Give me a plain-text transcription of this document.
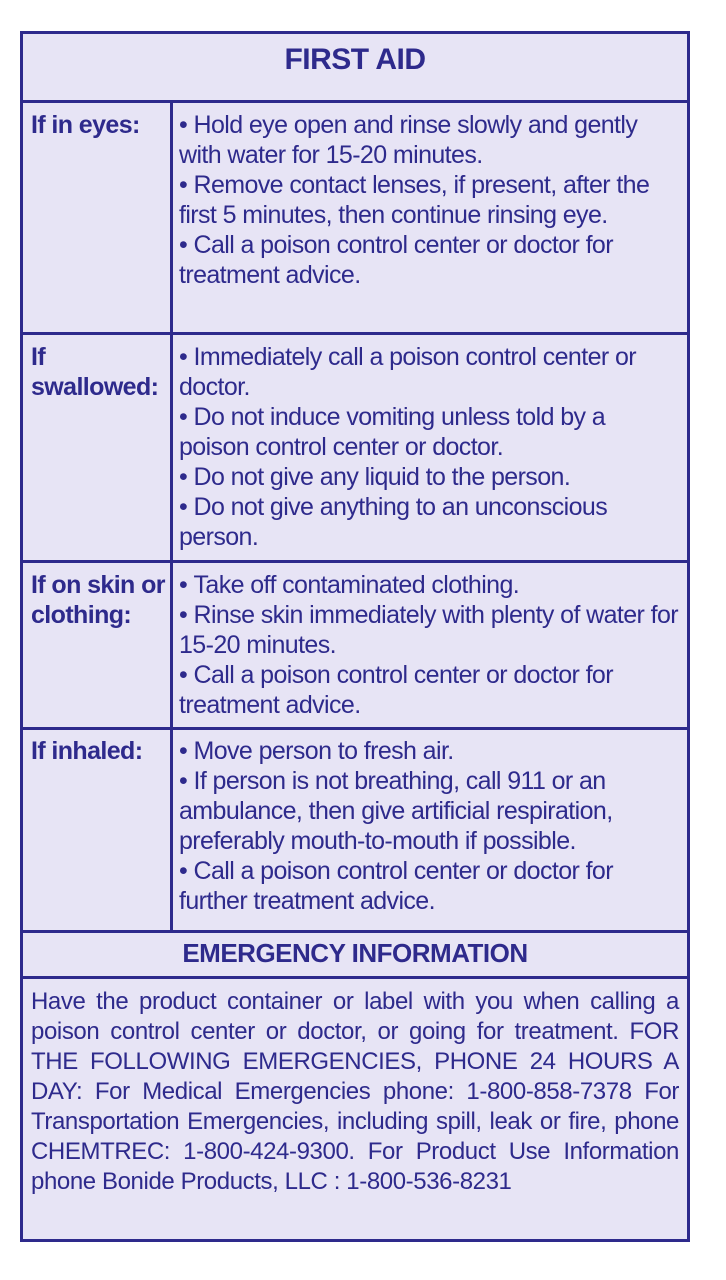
FIRST AID
If in eyes:	• Hold eye open and rinse slowly and gently with water for 15-20 minutes.
• Remove contact lenses, if present, after the first 5 minutes, then continue rinsing eye.
• Call a poison control center or doctor for treatment advice.
If swallowed:
• Immediately call a poison control center or doctor.
• Do not induce vomiting unless told by a poison control center or doctor.
• Do not give any liquid to the person.
• Do not give anything to an unconscious person.
If on skin or clothing:
• Take off contaminated clothing.
• Rinse skin immediately with plenty of water for 15-20 minutes.
• Call a poison control center or doctor for treatment advice.
If inhaled:	• Move person to fresh air.
• If person is not breathing, call 911 or an ambulance, then give artificial respiration, preferably mouth-to-mouth if possible.
• Call a poison control center or doctor for further treatment advice.
EMERGENCY INFORMATION

Have the product container or label with you when calling a poison control center or doctor, or going for treatment. FOR THE FOLLOWING EMERGENCIES, PHONE 24 HOURS A DAY: For Medical Emergencies phone: 1-800-858-7378 For Transportation Emergencies, including spill, leak or fire, phone CHEMTREC: 1-800-424-9300. For Product Use Information phone Bonide Products, LLC : 1-800-536-8231
